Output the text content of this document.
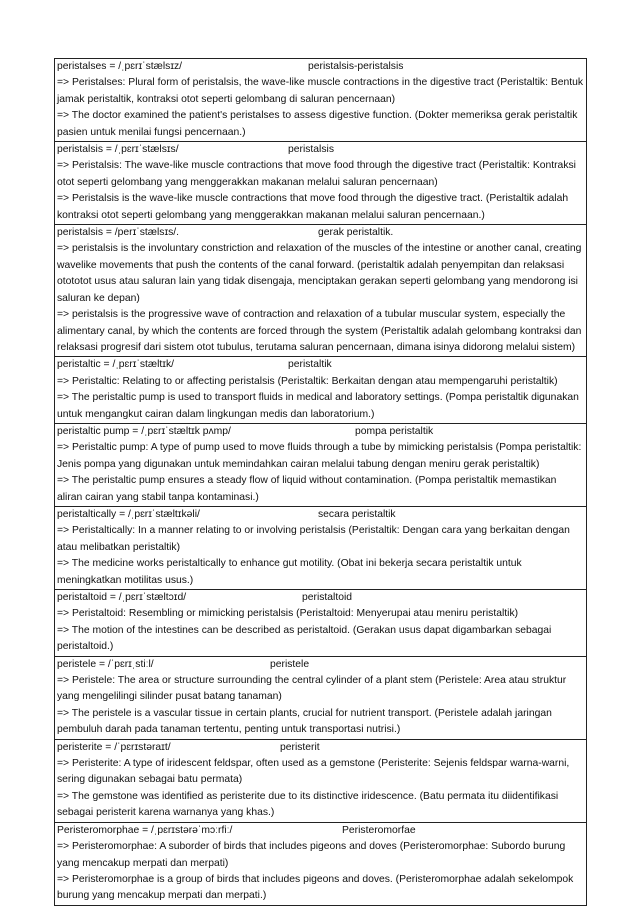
peristalses = /ˌpɛrɪˈstælsɪz/	peristalsis-peristalsis
=> Peristalses: Plural form of peristalsis, the wave-like muscle contractions in the digestive tract (Peristaltik: Bentuk jamak peristaltik, kontraksi otot seperti gelombang di saluran pencernaan)
=> The doctor examined the patient's peristalses to assess digestive function. (Dokter memeriksa gerak peristaltik pasien untuk menilai fungsi pencernaan.)
peristalsis = /ˌpɛrɪˈstælsɪs/	peristalsis
=> Peristalsis: The wave-like muscle contractions that move food through the digestive tract (Peristaltik: Kontraksi otot seperti gelombang yang menggerakkan makanan melalui saluran pencernaan)
=> Peristalsis is the wave-like muscle contractions that move food through the digestive tract. (Peristaltik adalah kontraksi otot seperti gelombang yang menggerakkan makanan melalui saluran pencernaan.)
peristalsis = /perɪˈstælsɪs/.	gerak peristaltik.
=> peristalsis is the involuntary constriction and relaxation of the muscles of the intestine or another canal, creating wavelike movements that push the contents of the canal forward. (peristaltik adalah penyempitan dan relaksasi otototot usus atau saluran lain yang tidak disengaja, menciptakan gerakan seperti gelombang yang mendorong isi saluran ke depan)
=> peristalsis is the progressive wave of contraction and relaxation of a tubular muscular system, especially the alimentary canal, by which the contents are forced through the system (Peristaltik adalah gelombang kontraksi dan relaksasi progresif dari sistem otot tubulus, terutama saluran pencernaan, dimana isinya didorong melalui sistem)
peristaltic = /ˌpɛrɪˈstæltɪk/	peristaltik
=> Peristaltic: Relating to or affecting peristalsis (Peristaltik: Berkaitan dengan atau mempengaruhi peristaltik)
=> The peristaltic pump is used to transport fluids in medical and laboratory settings. (Pompa peristaltik digunakan untuk mengangkut cairan dalam lingkungan medis dan laboratorium.)
peristaltic pump = /ˌpɛrɪˈstæltɪk pʌmp/	pompa peristaltik
=> Peristaltic pump: A type of pump used to move fluids through a tube by mimicking peristalsis (Pompa peristaltik: Jenis pompa yang digunakan untuk memindahkan cairan melalui tabung dengan meniru gerak peristaltik)
=> The peristaltic pump ensures a steady flow of liquid without contamination. (Pompa peristaltik memastikan aliran cairan yang stabil tanpa kontaminasi.)
peristaltically = /ˌpɛrɪˈstæltɪkəli/	secara peristaltik
=> Peristaltically: In a manner relating to or involving peristalsis (Peristaltik: Dengan cara yang berkaitan dengan atau melibatkan peristaltik)
=> The medicine works peristaltically to enhance gut motility. (Obat ini bekerja secara peristaltik untuk meningkatkan motilitas usus.)
peristaltoid = /ˌpɛrɪˈstæltɔɪd/	peristaltoid
=> Peristaltoid: Resembling or mimicking peristalsis (Peristaltoid: Menyerupai atau meniru peristaltik)
=> The motion of the intestines can be described as peristaltoid. (Gerakan usus dapat digambarkan sebagai peristaltoid.)
peristele = /ˈpɛrɪˌstiːl/	peristele
=> Peristele: The area or structure surrounding the central cylinder of a plant stem (Peristele: Area atau struktur yang mengelilingi silinder pusat batang tanaman)
=> The peristele is a vascular tissue in certain plants, crucial for nutrient transport. (Peristele adalah jaringan pembuluh darah pada tanaman tertentu, penting untuk transportasi nutrisi.)
peristerite = /ˈpɛrɪstəraɪt/	peristerit
=> Peristerite: A type of iridescent feldspar, often used as a gemstone (Peristerite: Sejenis feldspar warna-warni, sering digunakan sebagai batu permata)
=> The gemstone was identified as peristerite due to its distinctive iridescence. (Batu permata itu diidentifikasi sebagai peristerit karena warnanya yang khas.)
Peristeromorphae = /ˌpɛrɪstərəˈmɔːrfiː/	Peristeromorfae
=> Peristeromorphae: A suborder of birds that includes pigeons and doves (Peristeromorphae: Subordo burung yang mencakup merpati dan merpati)
=> Peristeromorphae is a group of birds that includes pigeons and doves. (Peristeromorphae adalah sekelompok burung yang mencakup merpati dan merpati.)
